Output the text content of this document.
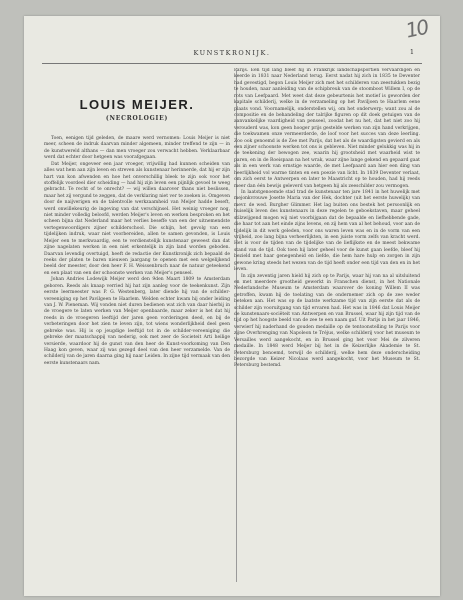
10
KUNSTKRONIJK.	1
LOUIS MEIJER.
(NECROLOGIE)

Toen, eenigen tijd geleden, de maare werd vernomen: Louis Meijer is niet meer, scheen de indruk daarvan minder algemeen, minder treffend te zijn — in de kunstwereld althans — dan men vroeger zou verwacht hebben. Verklaarbaar werd dat echter door hetgeen was voorafgegaan.

Dat Meijer, ongeveer een jaar vroeger, vrijwillig had kunnen scheiden van alles wat hem aan zijn leven en streven als kunstenaar herinnerde, dat hij er zijn hart van kon afwenden en hoe het onverschillig bleek te zijn ook voor het stoffelijk voordeel dier scheiding — had hij zijn leven een pijnlijk gevoel te weeg gebracht. Te recht of te onrecht? — wij willen daarover thans niet beslissen, maar het zij vergund te zeggen, dat de verklaring niet ver te zoeken is. Omgeven door de naijverigen en de talentvolle werkzaamheid van Meijer hadde beseft, werd onwillekeurig de ingeving van dat verschijnsel. Het weinig vroeger nog, niet minder volledig beloofd, werden Meijer's leven en werken besproken en het scheen bijna dat Nederland maar het verlies beseffe van een der uitnemendste vertegenwoordigers zijner schilderschool. Die schijn, het gevolg van een tijdelijken indruk, waar niet voorbereiden, allen te samen gevonden, is Louis Meijer een te merkwaardig, een te verdienstelijk kunstenaar geweest dan dat zijne nagelaten werken in een niet erkentelijk in zijn land worden geboden. Daarvan levendig overtuigd, heeft de redactie der Kunstkronijk zich bepaald de reeks der platen te baren nieuwen jaargang te openen met een welgelijkend beeld der meester, door den heer F. H. Weissenbruch naar de natuur geteekend en een plaat van een der schoonste werken van Meijer's penseel.

Johan Andries Lodewijk Meijer werd den 9den Maart 1809 te Amsterdam geboren. Reeds als knaap verried hij hat zijn aanleg voor de teekenkunst. Zijn eerste leermeester was P. G. Westenberg, later diende hij van de schilder-vereeniging op het Pavilgeen te Haarlem. Welden echter kwam hij onder leiding van J. W. Pieneman. Wij vonden niet duren bedienen wat zich van daar hierbij in de vroegere te laten werken van Meijer openbaarde, maar zeker is het dat hij reeds in de vroegeren leeftijd der jaren geen vorderingen deed, en bij de verbeteringen door het zien te leven zijn, tot wiens wonderlijkheid deel geen gebreke was. Hij is op jeugdige leeftijd tot in de schilder-vereeniging die gebreke der maatschappij van nederig, ook met zeer de Societeit Arti heilige versierde, waardoor hij de gunst van den heer de Kunst-voorkoming van Den Haag kon geven, waar zij was gezegd deel van den heer verzamelde. Van de schilderij van de jaren daarna ging hij naar Leiden. In zijne tijd vermaak van den eerste kunstenaars nam.

Parijs. Een tijd lang bleef hij in Frankrijk landschapsportiën vervaardigen en keerde in 1831 naar Nederland terug. Eerst nadat hij zich in 1835 te Deventer had gevestigd, begon Louis Meijer zich met het schilderen van zeestukken bezig te houden, naar aanleiding van de schipbreuk van de stoomboot Willem I, op de rots van Leefpaard. Met weet dat deze gebeurtenis het motief is geworden der kapitale schilderij, welke in de verzameling op het Paviljoen te Haarlem eene plaats vond. Voornamelijk, onderstellen wij, om het onderwerp; want zou al de compositie en de behandeling der talrijke figuren op dit doek getuigen van de aanvankelijke vaardigheid van penseel, zoodat het nu het, dat het niet zoo hij verouderd was, kon geen hooger prijs gestelde werken van zijn hand verkrijgen, die toekwamen onze vermeerderde, de loof voor het succes van deze leerling. Zoo ook genoemd is de Zee met Parijs, dat het als de waardigsten gevierd en als een zijner schoonste werken tot ons is gebleven. Niet minder gelukkig was hij in de teekening der bewogen zee, waarin hij grootsheid met waarheid wist te paren, en in de Roeispaan na het wrak, waar zijne lange gekend en gepaard gaat als in een werk van ernstige waarde, de met Leefpaard aan hier een ding van heerlijkheid vol warme tinten en een poezie van licht. In 1839 Deventer verlaat, om zich eerst te Antwerpen en later te Maastricht op te houden, had hij reeds meer dan één bewijs geleverd van hetgeen hij als zeeschilder zou vermogen.

In laatstgenoemde stad trad de kunstenaar ten jare 1841 in het huwelijk met mejonkvrouwe Josette Maria van der Hek, dochter (uit het eerste huwelijk) van mevr. de wed. Burgher Glimmer. Het lag buiten ons bestek het persoonlijk en huiselijk leven des kunstenaars in deze regelen te geboekstaven, maar geheel stilzwijgend mogen wij niet voorbijgaan dat de bepaalde en liefhebbende gade, die haar tot aan het einde zijns levens, en zij hem van al het behoud, voor aan de tijdelijk in dit werk geleden, voor ons waren leven was en in de vorm van een vrijheid, zoo lang bijna verheerlijkten, in een juiste vorm zelfs van kracht werd. Het is voor de tijden van de tijdelijke van de lieflijkste en de meest bekwame stand van de tijd. Ook toen hij later geheel voor de kunst gaan leefde, bleef hij bezield met haar genegenheid en liefde, die hem hare hulp en zorgen in zijn gewone kring steeds het wezen van de tijd heeft onder een tijd van den en in het leven.

In zijn zeventig jaren hield hij zich op te Parijs, waar hij van na al uitsluitend en met meerdere grootheid gewerkt in Franschen dienst, in het Nationale Nederlandsche Museum te Amsterdam waarover de koning Willem II was getroffen, kwam hij de toelating van de ondernemer zich op de zee weder beteken aan. Het was op de laatste werkzame tijd van zijn eerste dat als de schilder zijn vooruitgang van tijd ervaren had. Het was in 1846 dat Louis Meijer de kunstenaars-sociëteit van Antwerpen en van Brussel, waar hij zijn tijd van de tijd op het hoogste beeld van de zee te een naam gaf. Uit Parijs in het jaar 1846, verwierf hij naderhand de gouden medaille op de tentoonstelling te Parijs voor zijne Overhrenging van Napoleon te Tréjus, welke schilderij voor het museum te Versailles werd aangekocht, en in Brussel ging het voor Mei de zilveren medaille. In 1848 werd Meijer bij het in de Keizerlijke Akademie te St. Petersburg benoemd, terwijl de schilderij, welke hem deze onderscheiding bezorgde van Keizer Nicolaas werd aangekocht, voor het Museum te St. Petersburg bestemd.
